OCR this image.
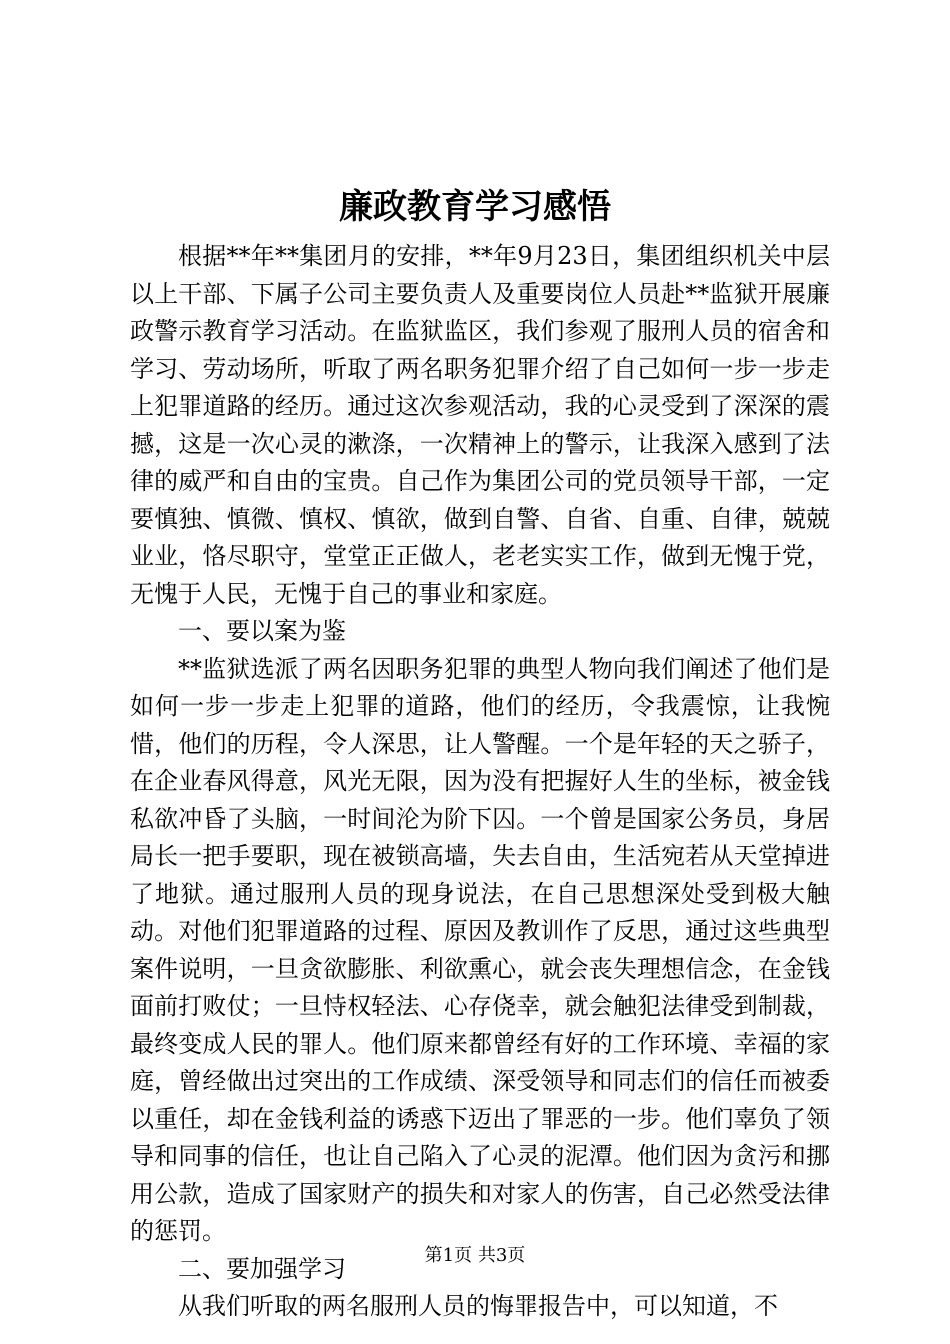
廉政教育学习感悟

根据**年**集团月的安排，**年9月23日，集团组织机关中层以上干部、下属子公司主要负责人及重要岗位人员赴**监狱开展廉政警示教育学习活动。在监狱监区，我们参观了服刑人员的宿舍和学习、劳动场所，听取了两名职务犯罪介绍了自己如何一步一步走上犯罪道路的经历。通过这次参观活动，我的心灵受到了深深的震撼，这是一次心灵的漱涤，一次精神上的警示，让我深入感到了法律的威严和自由的宝贵。自己作为集团公司的党员领导干部，一定要慎独、慎微、慎权、慎欲，做到自警、自省、自重、自律，兢兢业业，恪尽职守，堂堂正正做人，老老实实工作，做到无愧于党，无愧于人民，无愧于自己的事业和家庭。

一、要以案为鉴

**监狱选派了两名因职务犯罪的典型人物向我们阐述了他们是如何一步一步走上犯罪的道路，他们的经历，令我震惊，让我惋惜，他们的历程，令人深思，让人警醒。一个是年轻的天之骄子，在企业春风得意，风光无限，因为没有把握好人生的坐标，被金钱私欲冲昏了头脑，一时间沦为阶下囚。一个曾是国家公务员，身居局长一把手要职，现在被锁高墙，失去自由，生活宛若从天堂掉进了地狱。通过服刑人员的现身说法，在自己思想深处受到极大触动。对他们犯罪道路的过程、原因及教训作了反思，通过这些典型案件说明，一旦贪欲膨胀、利欲熏心，就会丧失理想信念，在金钱面前打败仗；一旦恃权轻法、心存侥幸，就会触犯法律受到制裁，最终变成人民的罪人。他们原来都曾经有好的工作环境、幸福的家庭，曾经做出过突出的工作成绩、深受领导和同志们的信任而被委以重任，却在金钱利益的诱惑下迈出了罪恶的一步。他们辜负了领导和同事的信任，也让自己陷入了心灵的泥潭。他们因为贪污和挪用公款，造成了国家财产的损失和对家人的伤害，自己必然受法律的惩罚。

二、要加强学习

从我们听取的两名服刑人员的悔罪报告中，可以知道，不

第1页 共3页
